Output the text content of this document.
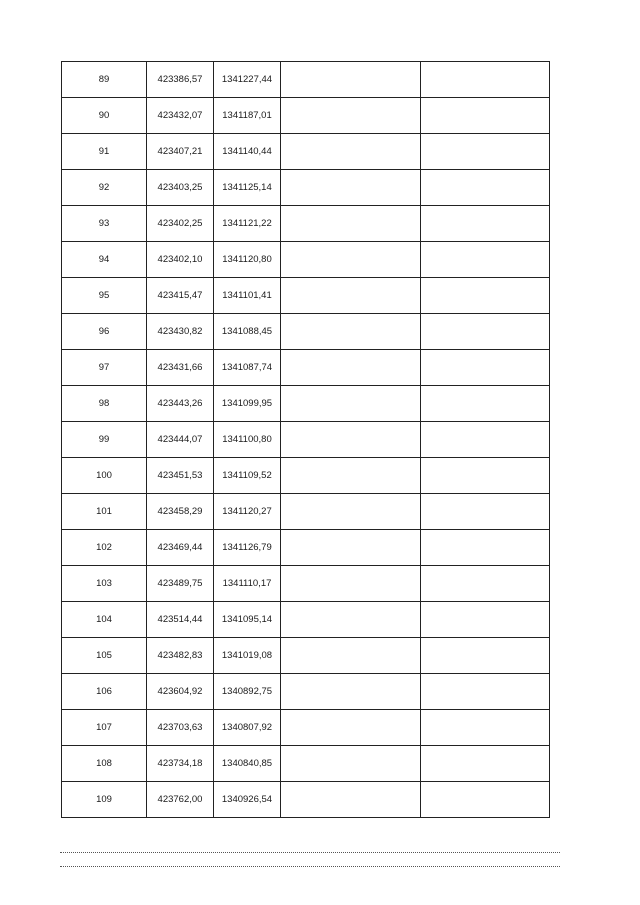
89	423386,57	1341227,44		
90	423432,07	1341187,01		
91	423407,21	1341140,44		
92	423403,25	1341125,14		
93	423402,25	1341121,22		
94	423402,10	1341120,80		
95	423415,47	1341101,41		
96	423430,82	1341088,45		
97	423431,66	1341087,74		
98	423443,26	1341099,95		
99	423444,07	1341100,80		
100	423451,53	1341109,52		
101	423458,29	1341120,27		
102	423469,44	1341126,79		
103	423489,75	1341110,17		
104	423514,44	1341095,14		
105	423482,83	1341019,08		
106	423604,92	1340892,75		
107	423703,63	1340807,92		
108	423734,18	1340840,85		
109	423762,00	1340926,54		
